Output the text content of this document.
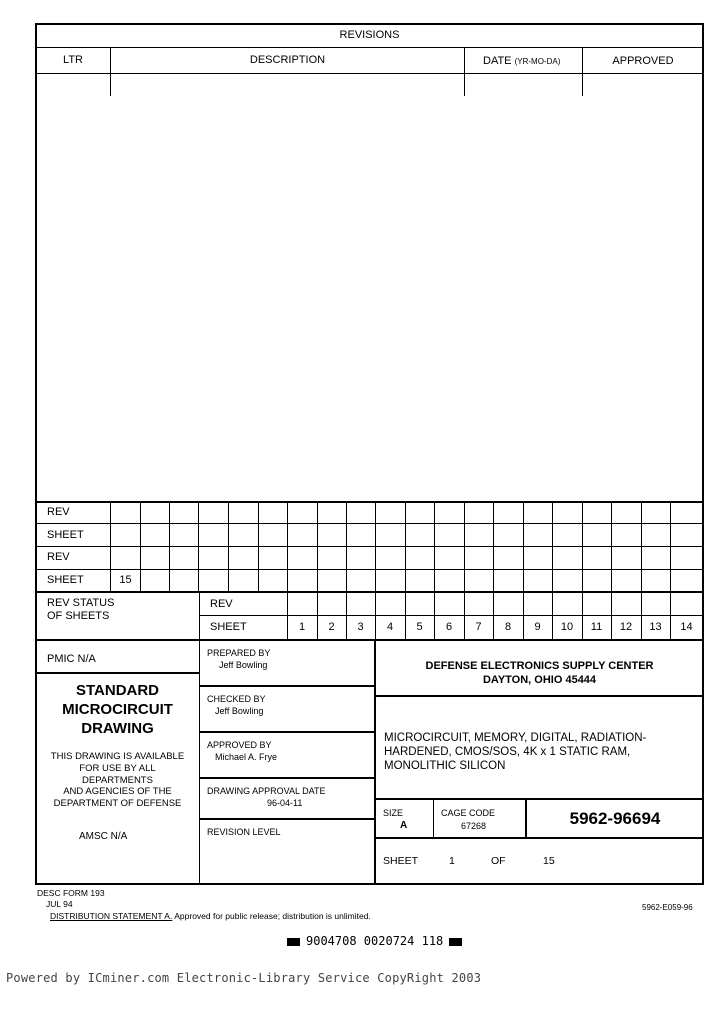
REVISIONS
LTR	DESCRIPTION	DATE (YR-MO-DA)	APPROVED
REV
SHEET
REV
SHEET	15
REV STATUS
OF SHEETS
REV
SHEET	1	2	3	4	5	6	7	8	9	10	11	12	13	14
PMIC N/A
STANDARD
MICROCIRCUIT
DRAWING
THIS DRAWING IS AVAILABLE
FOR USE BY ALL
DEPARTMENTS
AND AGENCIES OF THE
DEPARTMENT OF DEFENSE
AMSC N/A
PREPARED BY
Jeff Bowling
CHECKED BY
Jeff Bowling
APPROVED BY
Michael A. Frye
DRAWING APPROVAL DATE
96-04-11
REVISION LEVEL
DEFENSE ELECTRONICS SUPPLY CENTER
DAYTON, OHIO 45444
MICROCIRCUIT, MEMORY, DIGITAL, RADIATION-
HARDENED, CMOS/SOS, 4K x 1 STATIC RAM,
MONOLITHIC SILICON
SIZE
A
CAGE CODE
67268	5962-96694
SHEET	1	OF	15
DESC FORM 193
JUL 94
DISTRIBUTION STATEMENT A. Approved for public release; distribution is unlimited.
5962-E059-96
9004708 0020724 118
Powered by ICminer.com Electronic-Library Service CopyRight 2003
